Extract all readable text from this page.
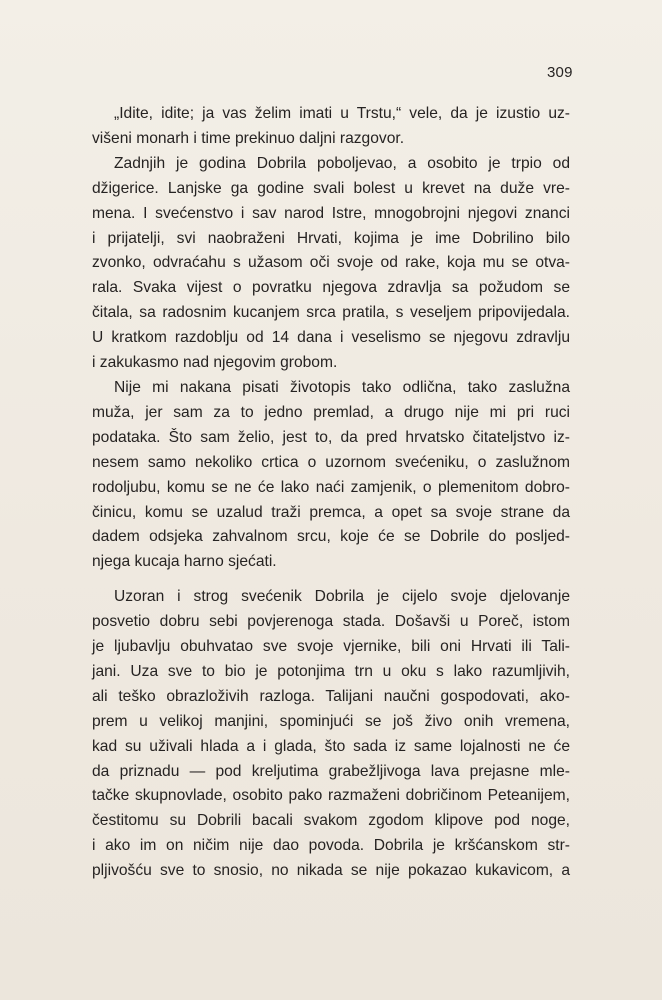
309

„Idite, idite; ja vas želim imati u Trstu,“ vele, da je izustio uz-
višeni monarh i time prekinuo daljni razgovor.

Zadnjih je godina Dobrila poboljevao, a osobito je trpio od
džigerice. Lanjske ga godine svali bolest u krevet na duže vre-
mena. I svećenstvo i sav narod Istre, mnogobrojni njegovi znanci
i prijatelji, svi naobraženi Hrvati, kojima je ime Dobrilino bilo
zvonko, odvraćahu s užasom oči svoje od rake, koja mu se otva-
rala. Svaka vijest o povratku njegova zdravlja sa požudom se
čitala, sa radosnim kucanjem srca pratila, s veseljem pripovijedala.
U kratkom razdoblju od 14 dana i veselismo se njegovu zdravlju
i zakukasmo nad njegovim grobom.

Nije mi nakana pisati životopis tako odlična, tako zaslužna
muža, jer sam za to jedno premlad, a drugo nije mi pri ruci
podataka. Što sam želio, jest to, da pred hrvatsko čitateljstvo iz-
nesem samo nekoliko crtica o uzornom svećeniku, o zaslužnom
rodoljubu, komu se ne će lako naći zamjenik, o plemenitom dobro-
činicu, komu se uzalud traži premca, a opet sa svoje strane da
dadem odsjeka zahvalnom srcu, koje će se Dobrile do posljed-
njega kucaja harno sjećati.

Uzoran i strog svećenik Dobrila je cijelo svoje djelovanje
posvetio dobru sebi povjerenoga stada. Došavši u Poreč, istom
je ljubavlju obuhvatao sve svoje vjernike, bili oni Hrvati ili Tali-
jani. Uza sve to bio je potonjima trn u oku s lako razumljivih,
ali teško obrazloživih razloga. Talijani naučni gospodovati, ako-
prem u velikoj manjini, spominjući se još živo onih vremena,
kad su uživali hlada a i glada, što sada iz same lojalnosti ne će
da priznadu — pod kreljutima grabežljivoga lava prejasne mle-
tačke skupnovlade, osobito pako razmaženi dobričinom Peteanijem,
čestitomu su Dobrili bacali svakom zgodom klipove pod noge,
i ako im on ničim nije dao povoda. Dobrila je kršćanskom str-
pljivošću sve to snosio, no nikada se nije pokazao kukavicom, a
